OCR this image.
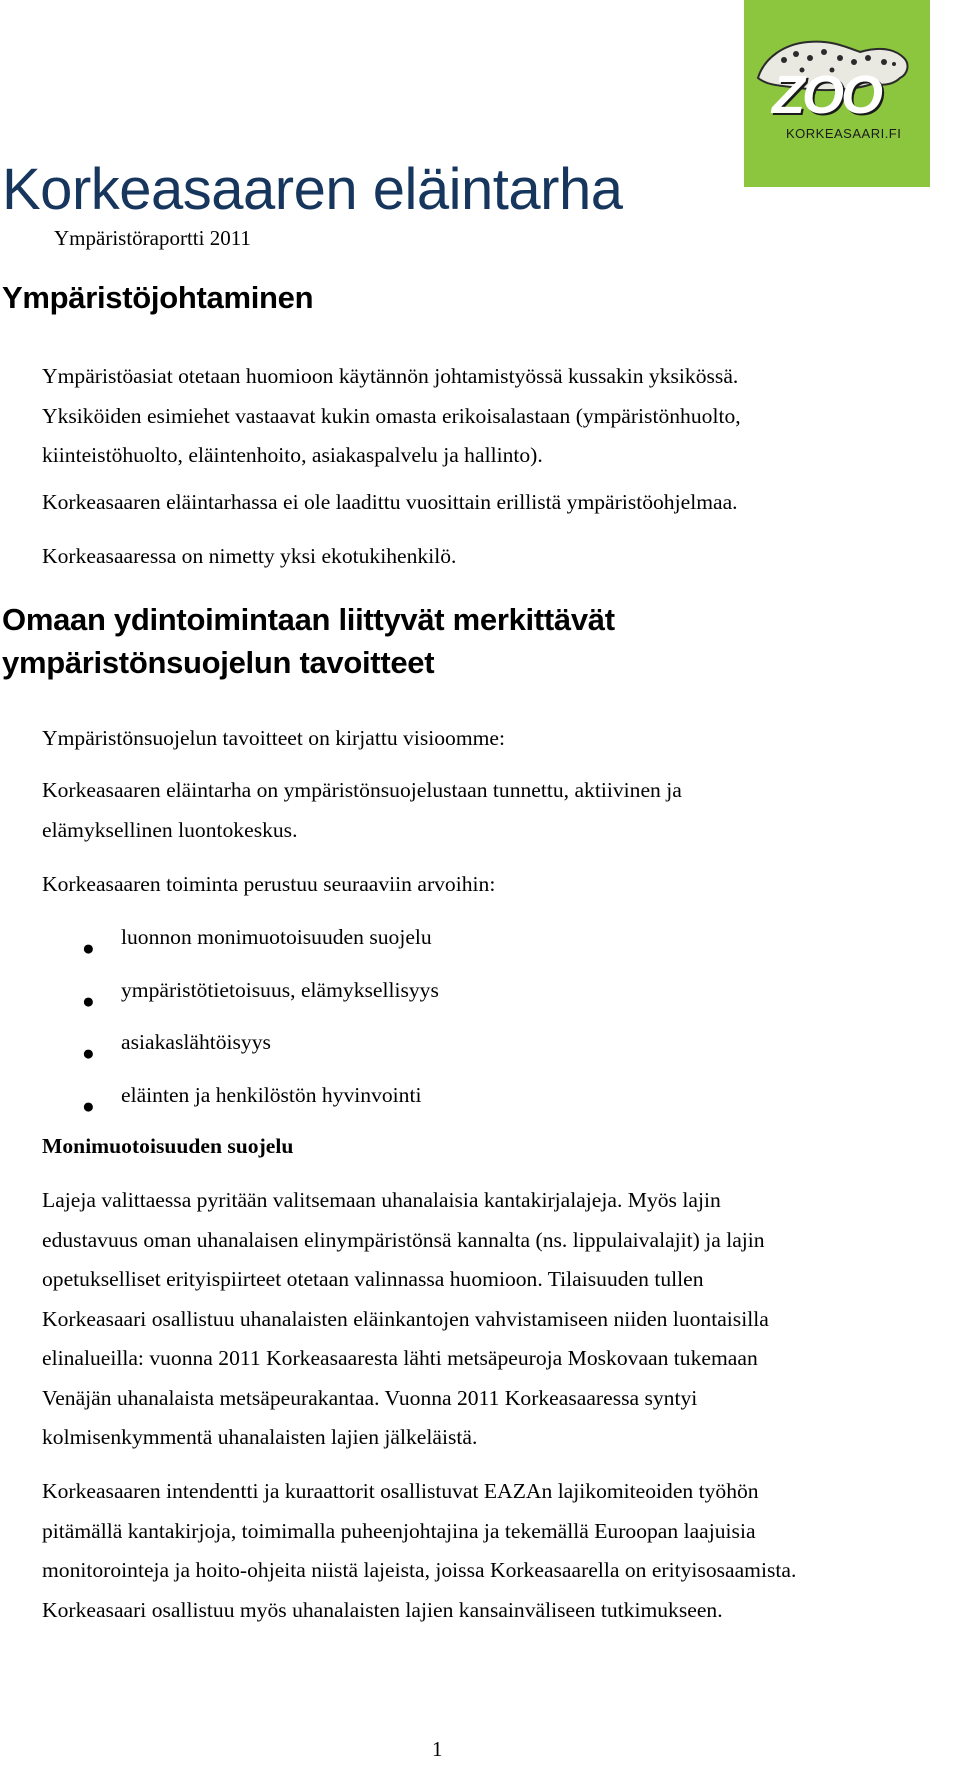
ZOO
KORKEASAARI.FI
Korkeasaaren eläintarha
Ympäristöraportti 2011
Ympäristöjohtaminen
Ympäristöasiat otetaan huomioon käytännön johtamistyössä kussakin yksikössä.
Yksiköiden esimiehet vastaavat kukin omasta erikoisalastaan (ympäristönhuolto,
kiinteistöhuolto, eläintenhoito, asiakaspalvelu ja hallinto).
Korkeasaaren eläintarhassa ei ole laadittu vuosittain erillistä ympäristöohjelmaa.
Korkeasaaressa on nimetty yksi ekotukihenkilö.
Omaan ydintoimintaan liittyvät merkittävät
ympäristönsuojelun tavoitteet
Ympäristönsuojelun tavoitteet on kirjattu visioomme:
Korkeasaaren eläintarha on ympäristönsuojelustaan tunnettu, aktiivinen ja
elämyksellinen luontokeskus.
Korkeasaaren toiminta perustuu seuraaviin arvoihin:
● luonnon monimuotoisuuden suojelu
● ympäristötietoisuus, elämyksellisyys
● asiakaslähtöisyys
● eläinten ja henkilöstön hyvinvointi
Monimuotoisuuden suojelu
Lajeja valittaessa pyritään valitsemaan uhanalaisia kantakirjalajeja. Myös lajin
edustavuus oman uhanalaisen elinympäristönsä kannalta (ns. lippulaivalajit) ja lajin
opetukselliset erityispiirteet otetaan valinnassa huomioon. Tilaisuuden tullen
Korkeasaari osallistuu uhanalaisten eläinkantojen vahvistamiseen niiden luontaisilla
elinalueilla: vuonna 2011 Korkeasaaresta lähti metsäpeuroja Moskovaan tukemaan
Venäjän uhanalaista metsäpeurakantaa. Vuonna 2011 Korkeasaaressa syntyi
kolmisenkymmentä uhanalaisten lajien jälkeläistä.
Korkeasaaren intendentti ja kuraattorit osallistuvat EAZAn lajikomiteoiden työhön
pitämällä kantakirjoja, toimimalla puheenjohtajina ja tekemällä Euroopan laajuisia
monitorointeja ja hoito-ohjeita niistä lajeista, joissa Korkeasaarella on erityisosaamista.
Korkeasaari osallistuu myös uhanalaisten lajien kansainväliseen tutkimukseen.
1
